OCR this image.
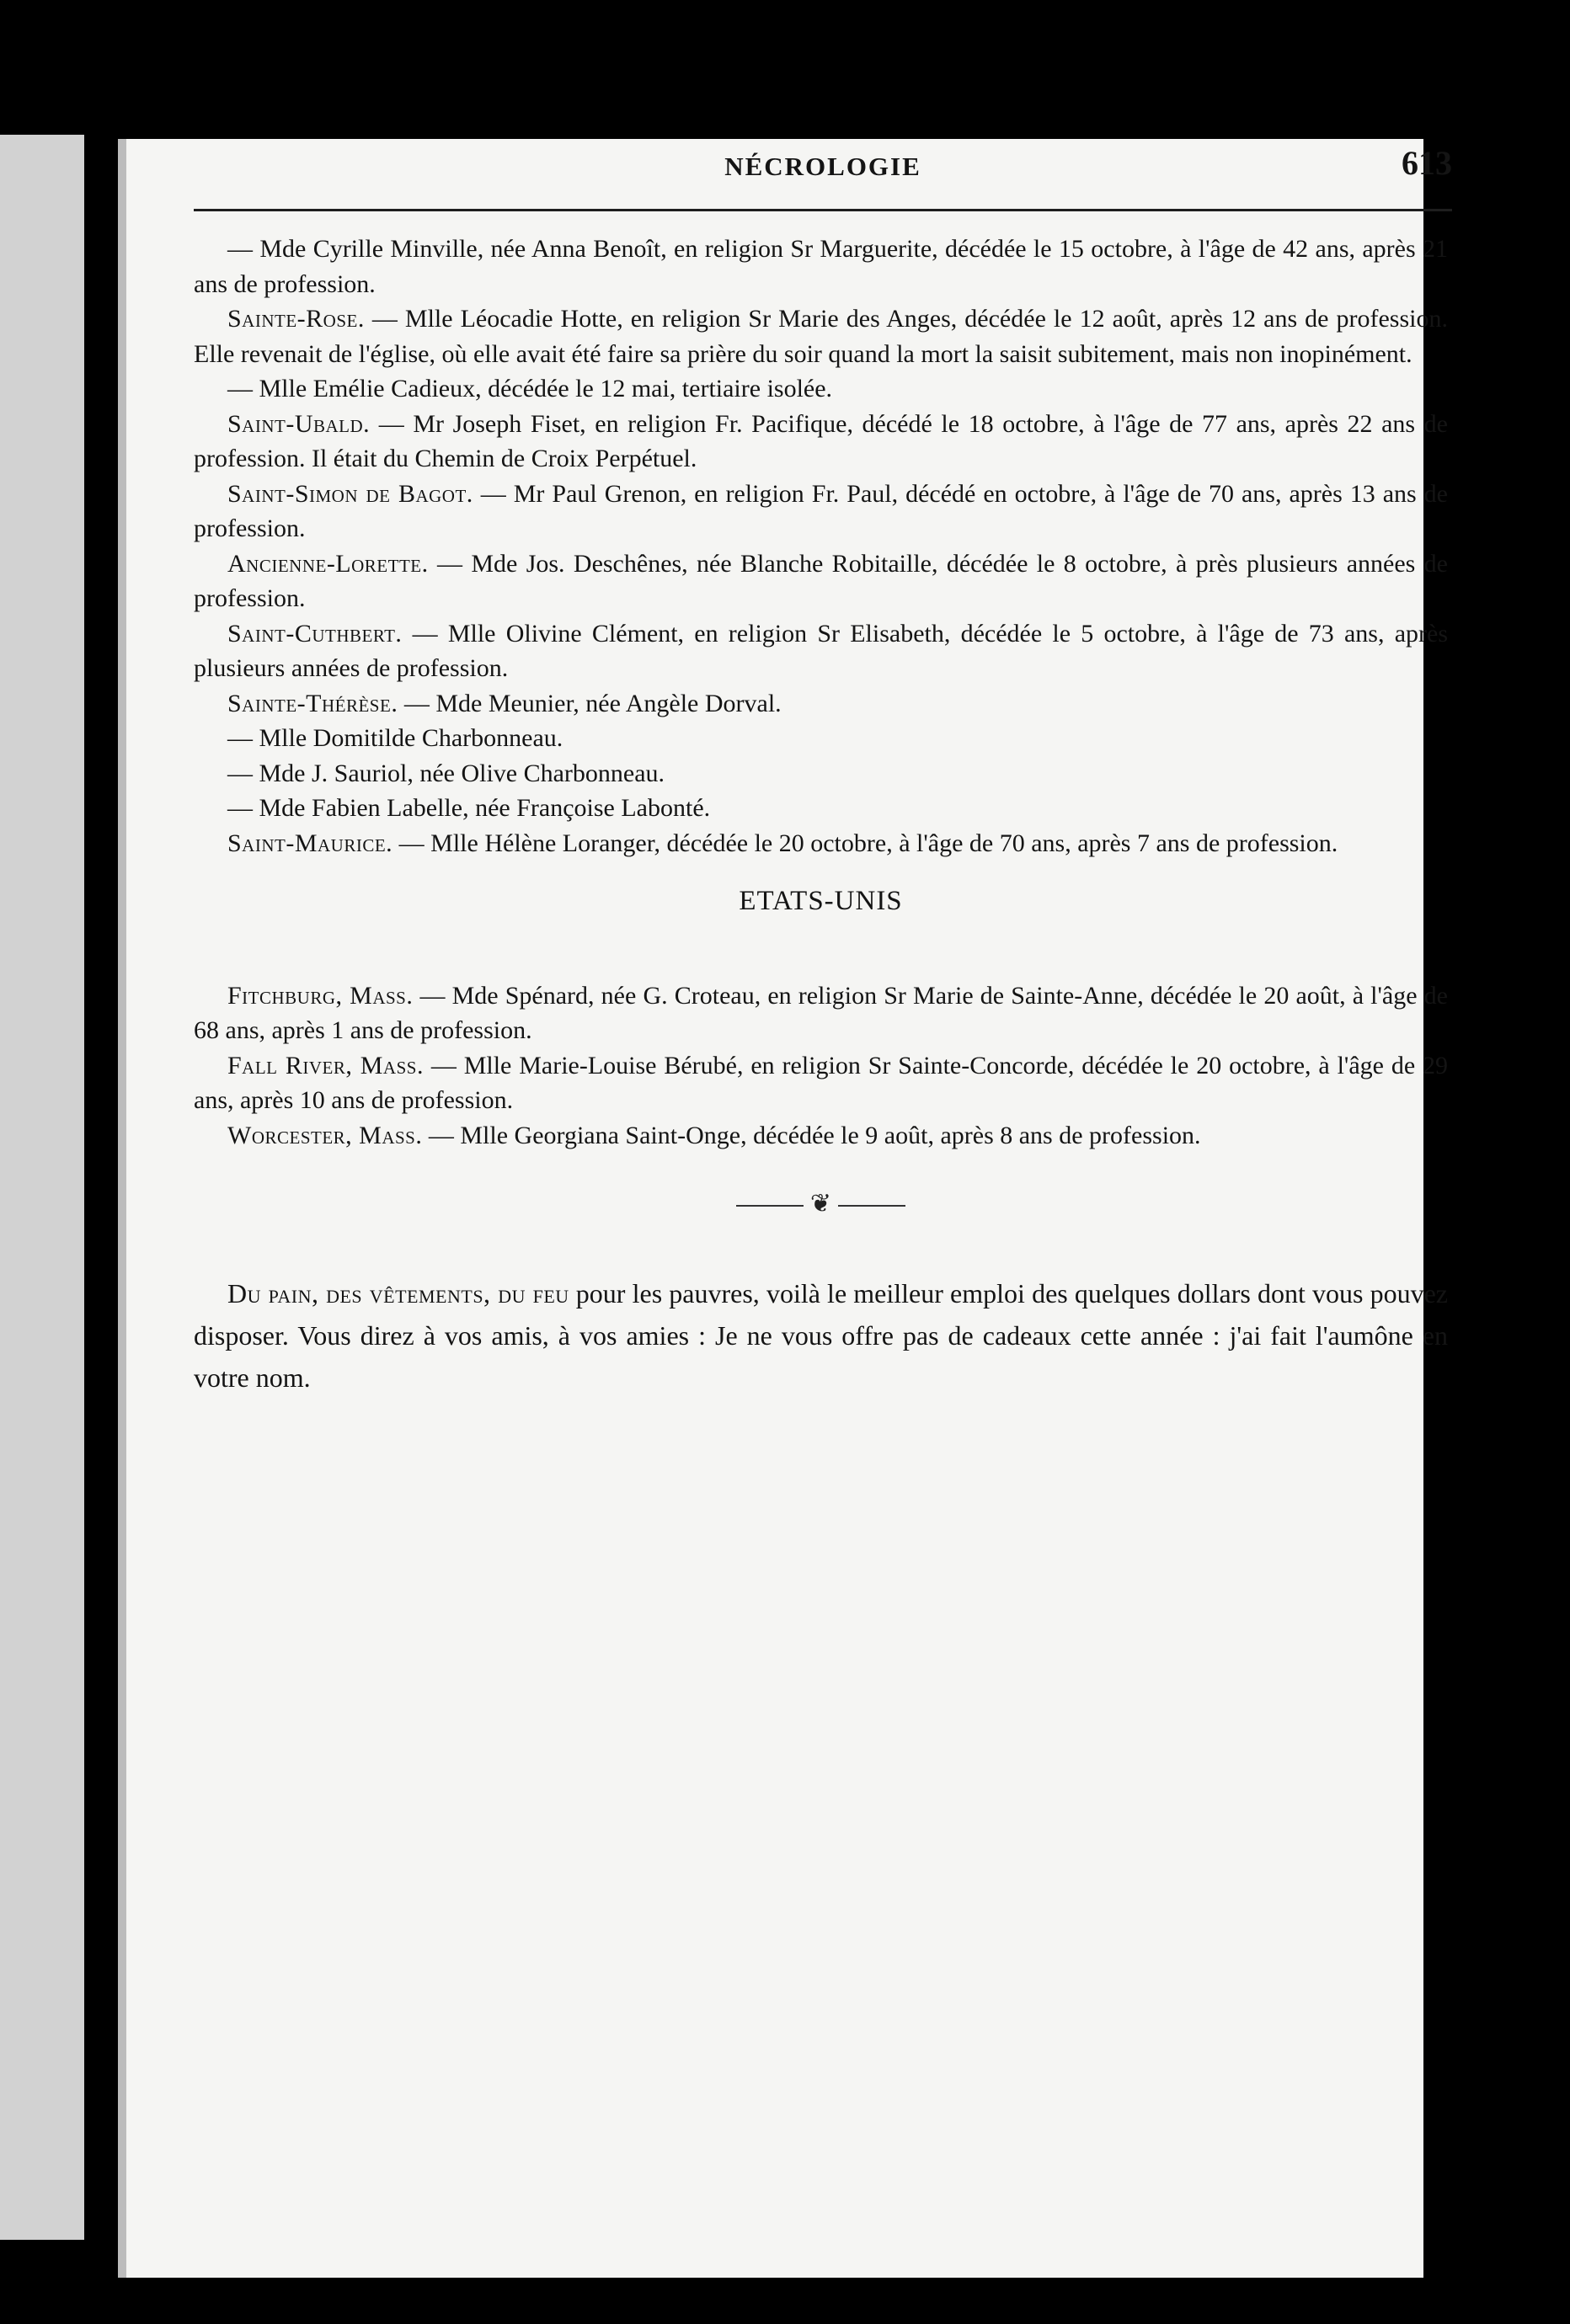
NÉCROLOGIE	613

— Mde Cyrille Minville, née Anna Benoît, en religion Sr Marguerite, décédée le 15 octobre, à l'âge de 42 ans, après 21 ans de profession.

Sainte-Rose. — Mlle Léocadie Hotte, en religion Sr Marie des Anges, décédée le 12 août, après 12 ans de profession. Elle revenait de l'église, où elle avait été faire sa prière du soir quand la mort la saisit subitement, mais non inopinément.

— Mlle Emélie Cadieux, décédée le 12 mai, tertiaire isolée.

Saint-Ubald. — Mr Joseph Fiset, en religion Fr. Pacifique, décédé le 18 octobre, à l'âge de 77 ans, après 22 ans de profession. Il était du Chemin de Croix Perpétuel.

Saint-Simon de Bagot. — Mr Paul Grenon, en religion Fr. Paul, décédé en octobre, à l'âge de 70 ans, après 13 ans de profession.

Ancienne-Lorette. — Mde Jos. Deschênes, née Blanche Robitaille, décédée le 8 octobre, à près plusieurs années de profession.

Saint-Cuthbert. — Mlle Olivine Clément, en religion Sr Elisabeth, décédée le 5 octobre, à l'âge de 73 ans, après plusieurs années de profession.

Sainte-Thérèse. — Mde Meunier, née Angèle Dorval.

— Mlle Domitilde Charbonneau.

— Mde J. Sauriol, née Olive Charbonneau.

— Mde Fabien Labelle, née Françoise Labonté.

Saint-Maurice. — Mlle Hélène Loranger, décédée le 20 octobre, à l'âge de 70 ans, après 7 ans de profession.

ETATS-UNIS

Fitchburg, Mass. — Mde Spénard, née G. Croteau, en religion Sr Marie de Sainte-Anne, décédée le 20 août, à l'âge de 68 ans, après 1 ans de profession.

Fall River, Mass. — Mlle Marie-Louise Bérubé, en religion Sr Sainte-Concorde, décédée le 20 octobre, à l'âge de 29 ans, après 10 ans de profession.

Worcester, Mass. — Mlle Georgiana Saint-Onge, décédée le 9 août, après 8 ans de profession.

❦

Du pain, des vêtements, du feu pour les pauvres, voilà le meilleur emploi des quelques dollars dont vous pouvez disposer. Vous direz à vos amis, à vos amies : Je ne vous offre pas de cadeaux cette année : j'ai fait l'aumône en votre nom.
